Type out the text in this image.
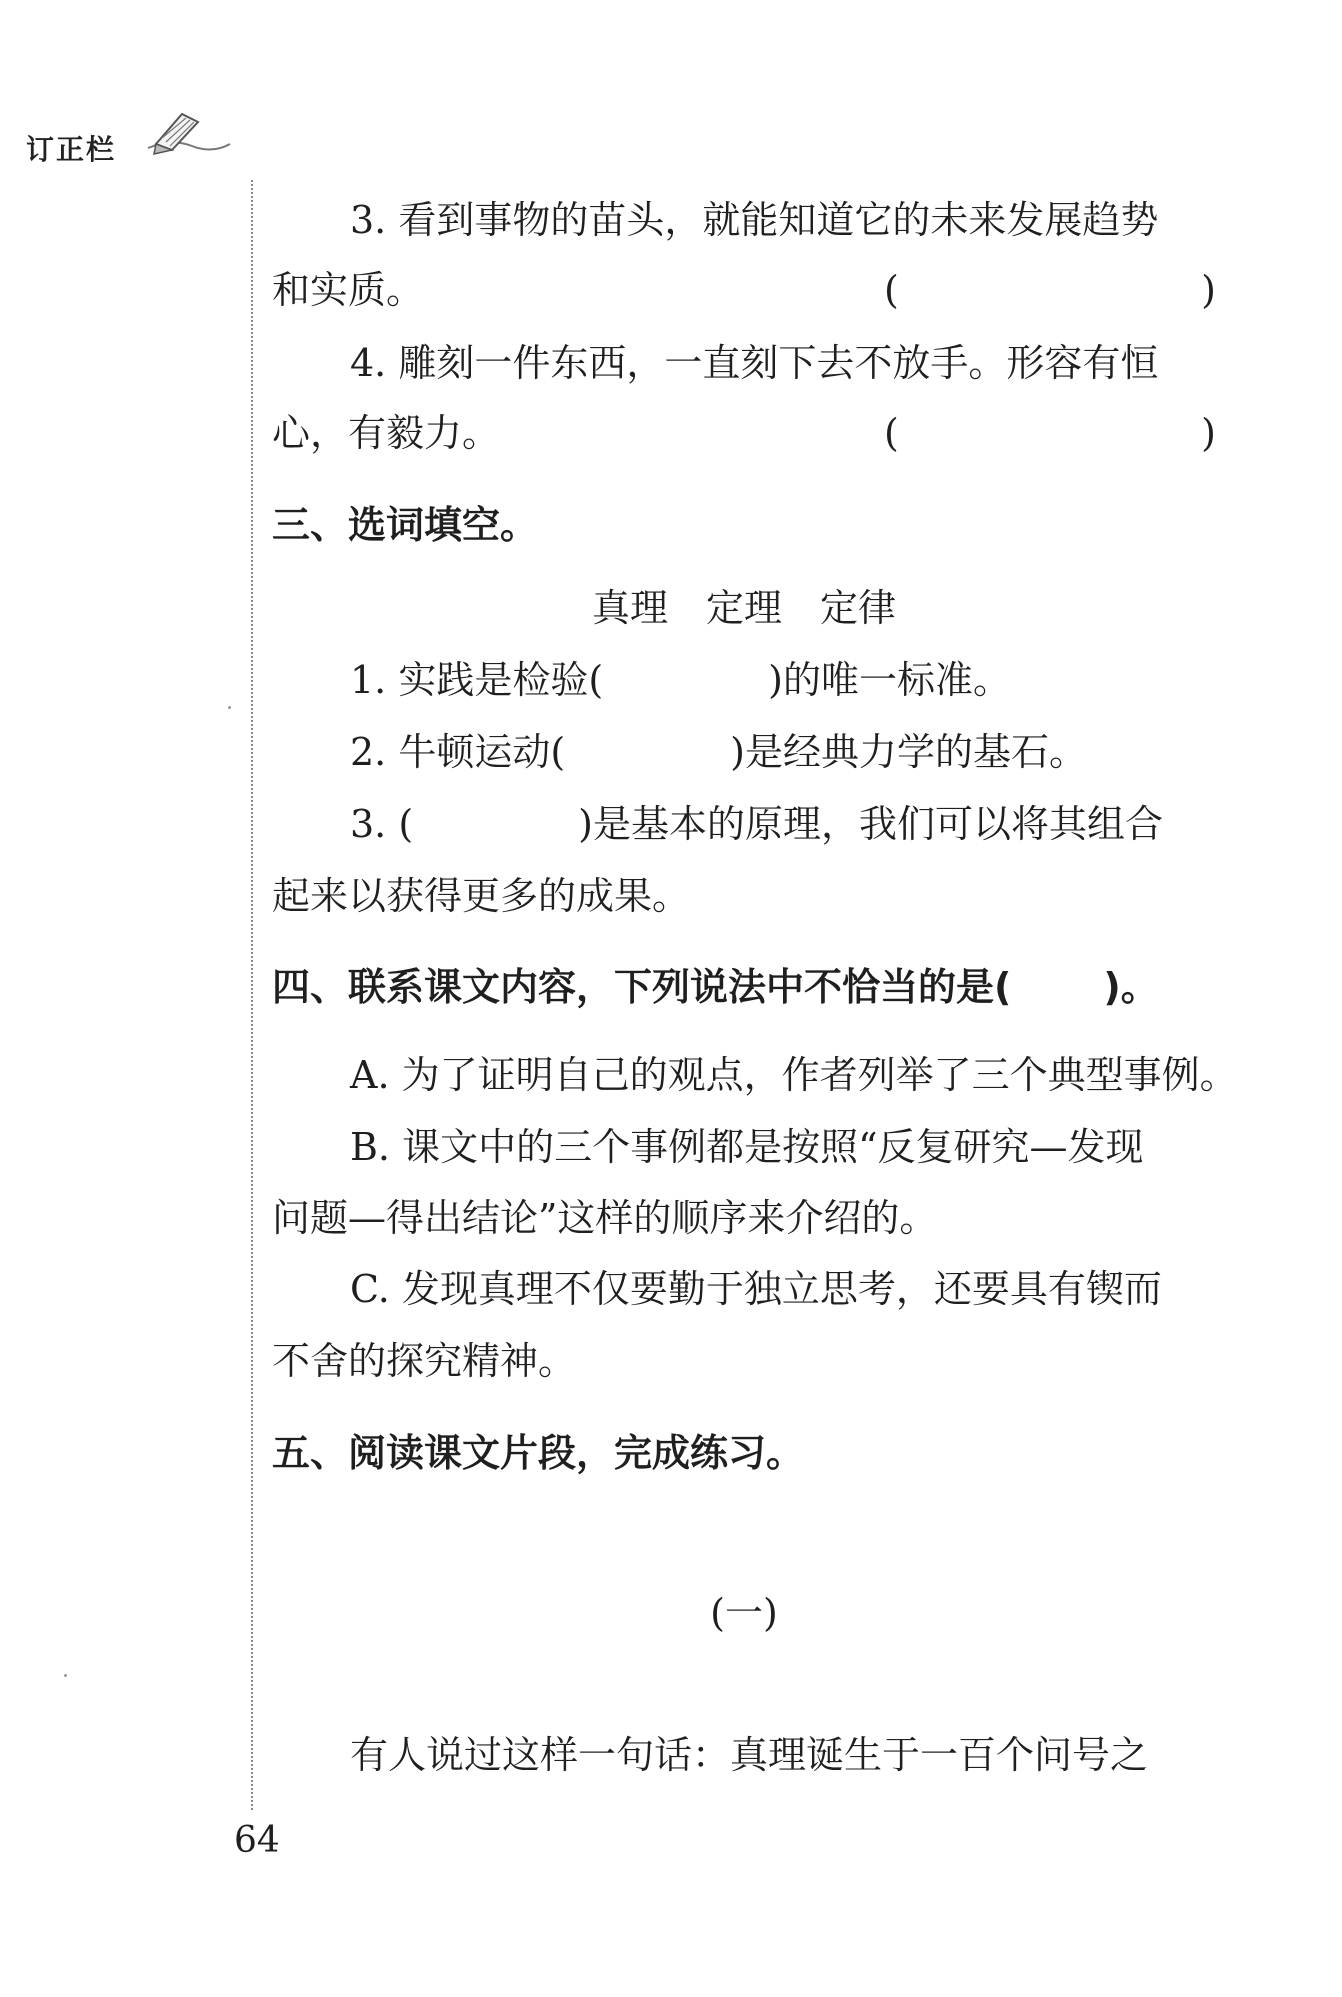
订正栏
3. 看到事物的苗头，就能知道它的未来发展趋势
和实质。	(	)
4. 雕刻一件东西，一直刻下去不放手。形容有恒
心，有毅力。	(	)
三、选词填空。
真理　定理　定律
1. 实践是检验(	)的唯一标准。
2. 牛顿运动(	)是经典力学的基石。
3. (	)是基本的原理，我们可以将其组合
起来以获得更多的成果。
四、联系课文内容，下列说法中不恰当的是( )。
A. 为了证明自己的观点，作者列举了三个典型事例。
B. 课文中的三个事例都是按照“反复研究—发现
问题—得出结论”这样的顺序来介绍的。
C. 发现真理不仅要勤于独立思考，还要具有锲而
不舍的探究精神。
五、阅读课文片段，完成练习。
(一)
有人说过这样一句话：真理诞生于一百个问号之
64
